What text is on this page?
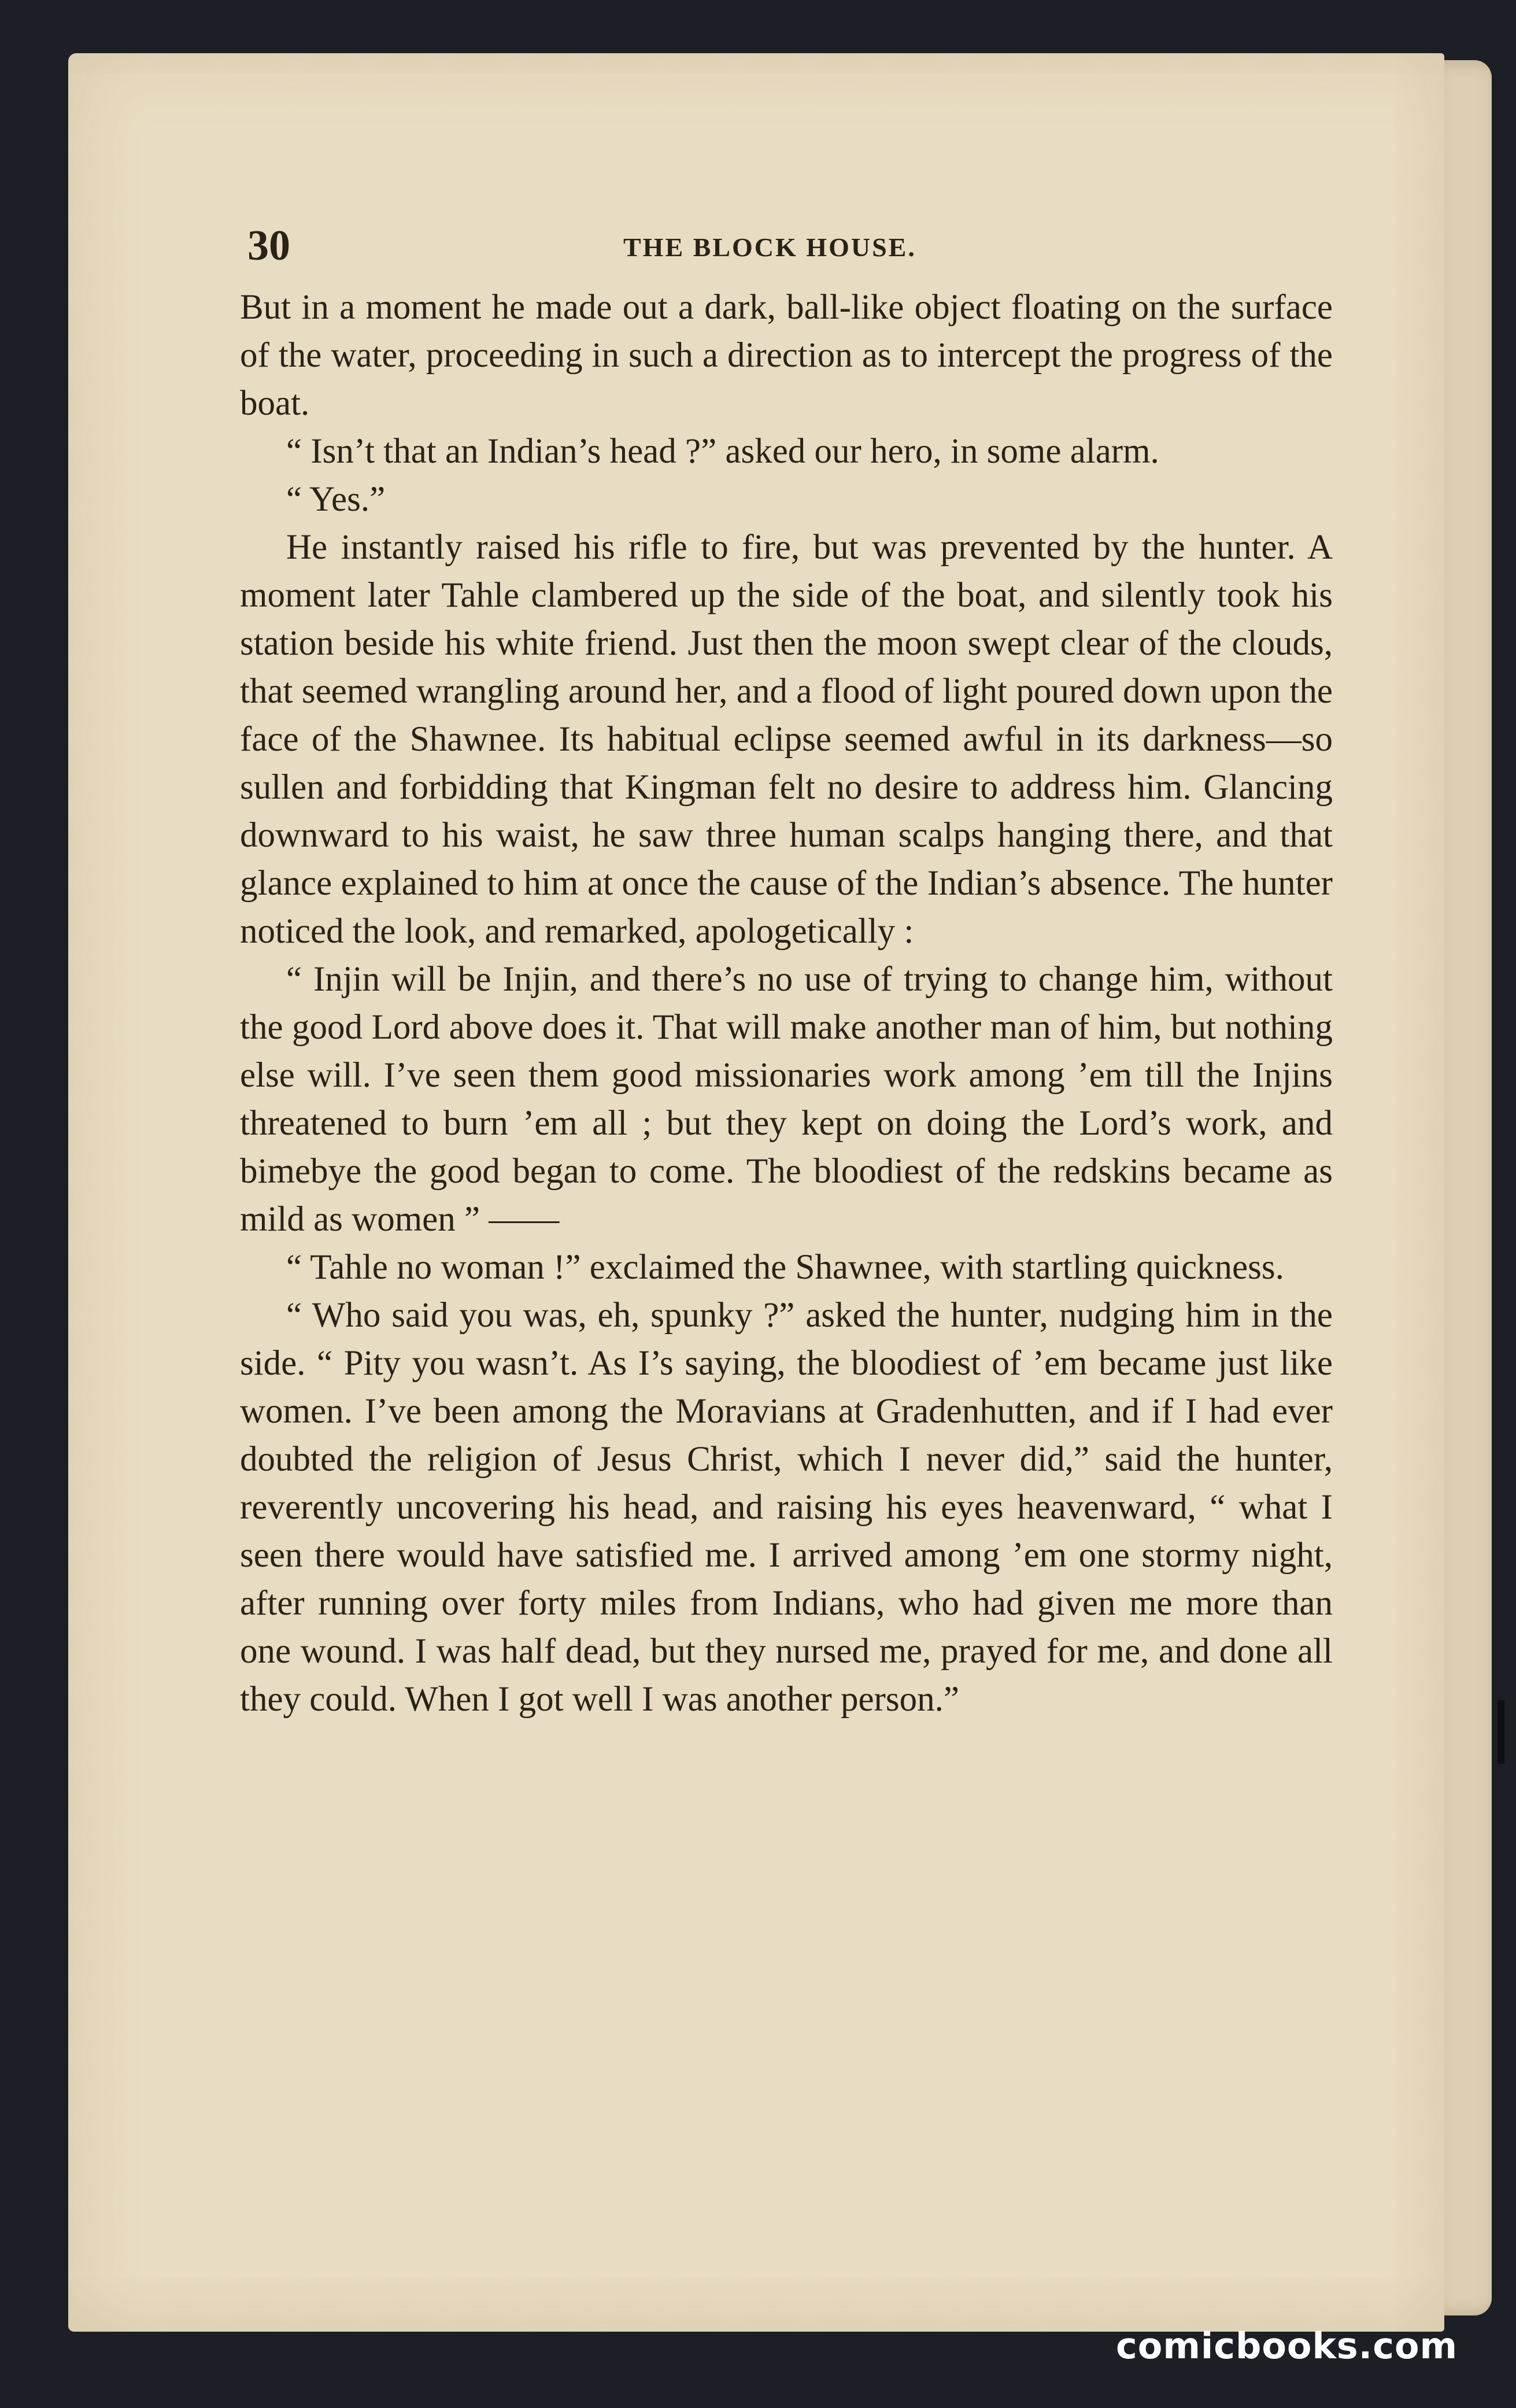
30	THE BLOCK HOUSE.

But in a moment he made out a dark, ball-like object floating on the surface of the water, proceeding in such a direction as to intercept the progress of the boat.

“ Isn’t that an Indian’s head ?” asked our hero, in some alarm.

“ Yes.”

He instantly raised his rifle to fire, but was prevented by the hunter. A moment later Tahle clambered up the side of the boat, and silently took his station beside his white friend. Just then the moon swept clear of the clouds, that seemed wrangling around her, and a flood of light poured down upon the face of the Shawnee. Its habitual eclipse seemed awful in its darkness—so sullen and forbidding that Kingman felt no desire to address him. Glancing downward to his waist, he saw three human scalps hanging there, and that glance explained to him at once the cause of the Indian’s absence. The hunter noticed the look, and remarked, apologetically :

“ Injin will be Injin, and there’s no use of trying to change him, without the good Lord above does it. That will make another man of him, but nothing else will. I’ve seen them good missionaries work among ’em till the Injins threatened to burn ’em all ; but they kept on doing the Lord’s work, and bimebye the good began to come. The bloodiest of the redskins became as mild as women ” ——

“ Tahle no woman !” exclaimed the Shawnee, with startling quickness.

“ Who said you was, eh, spunky ?” asked the hunter, nudging him in the side. “ Pity you wasn’t. As I’s saying, the bloodiest of ’em became just like women. I’ve been among the Moravians at Gradenhutten, and if I had ever doubted the religion of Jesus Christ, which I never did,” said the hunter, reverently uncovering his head, and raising his eyes heavenward, “ what I seen there would have satisfied me. I arrived among ’em one stormy night, after running over forty miles from Indians, who had given me more than one wound. I was half dead, but they nursed me, prayed for me, and done all they could. When I got well I was another person.”

comicbooks.com
